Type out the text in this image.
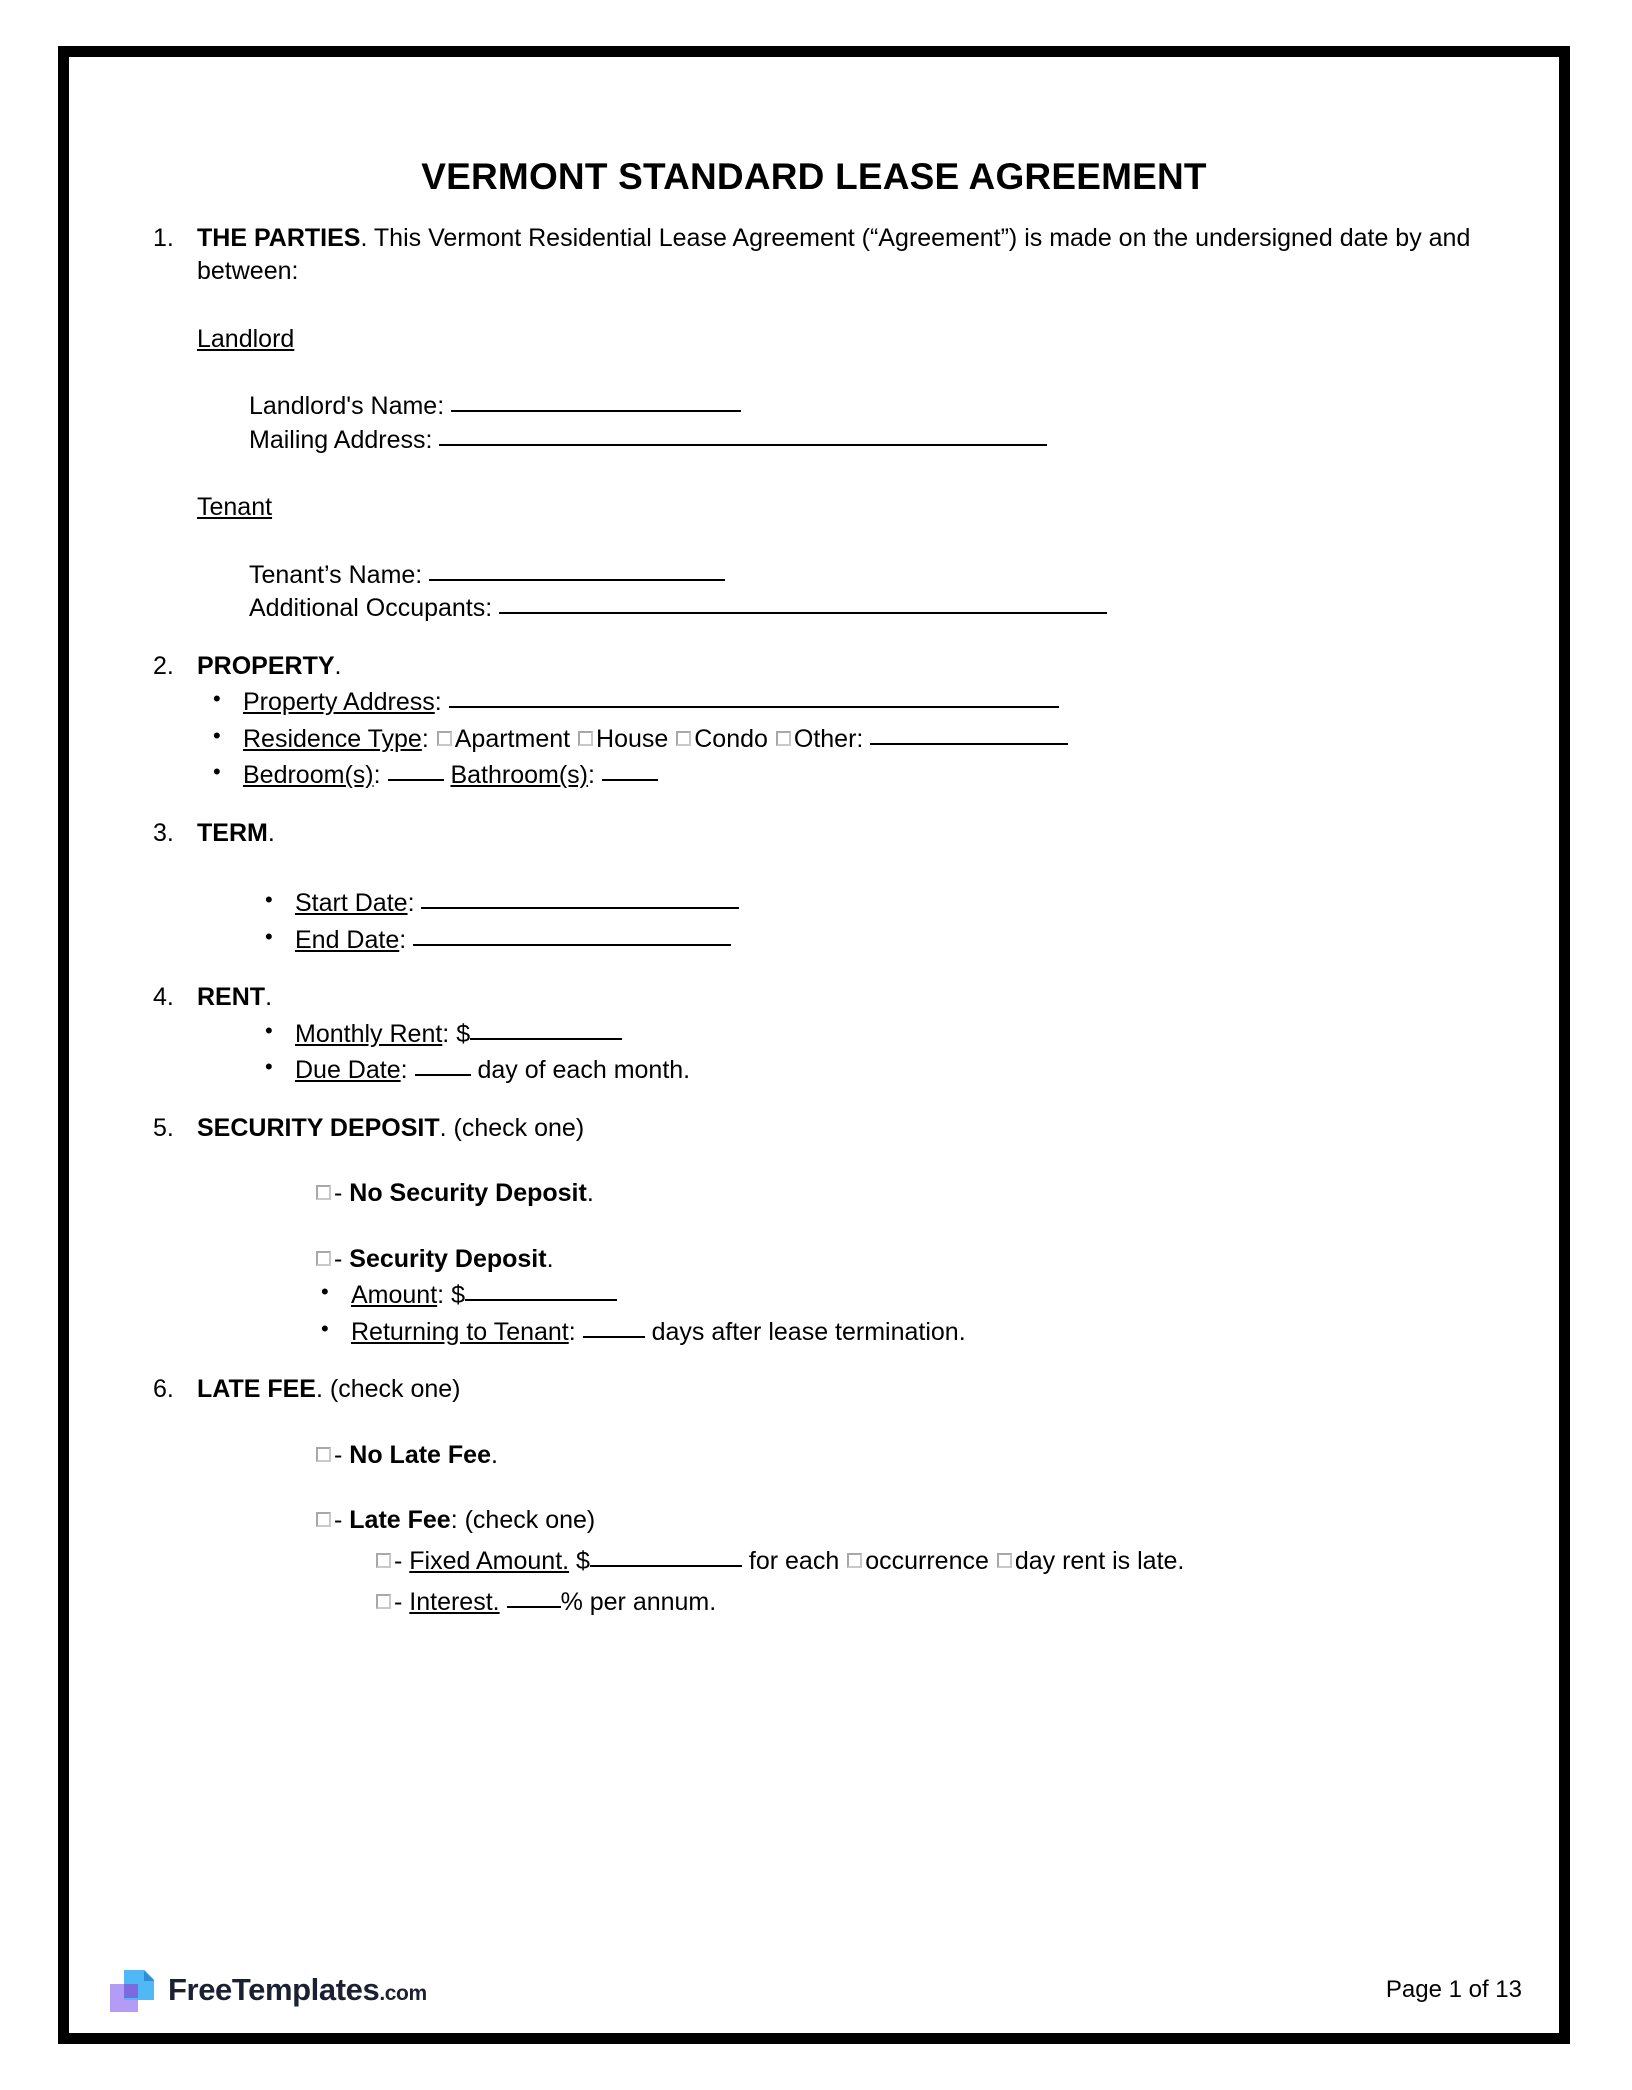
VERMONT STANDARD LEASE AGREEMENT
1. THE PARTIES. This Vermont Residential Lease Agreement (“Agreement”) is made on the undersigned date by and between:
Landlord
Landlord's Name:
Mailing Address:
Tenant
Tenant’s Name:
Additional Occupants:
2. PROPERTY.
• Property Address:
• Residence Type: Apartment House Condo Other:
• Bedroom(s):	Bathroom(s):
3. TERM.
• Start Date:
• End Date:
4. RENT.
• Monthly Rent: $
• Due Date:	day of each month.
5. SECURITY DEPOSIT. (check one)
- No Security Deposit.
- Security Deposit.
• Amount: $
• Returning to Tenant:	days after lease termination.
6. LATE FEE. (check one)
- No Late Fee.
- Late Fee: (check one)
- Fixed Amount. $	for each occurrence day rent is late.
- Interest. % per annum.
FreeTemplates.com	Page 1 of 13
